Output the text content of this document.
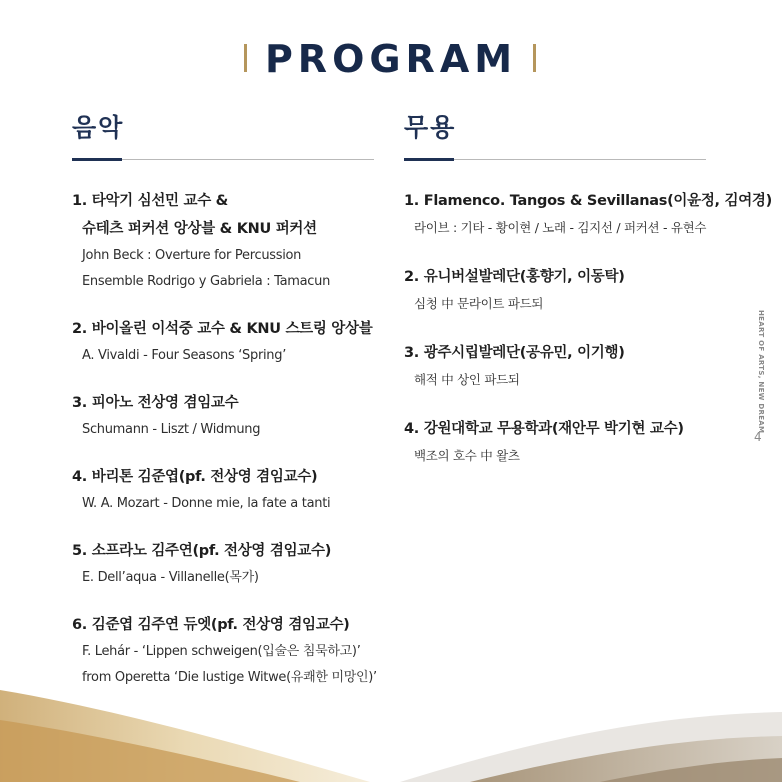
PROGRAM
음악
1. 타악기 심선민 교수 &
슈테츠 퍼커션 앙상블 & KNU 퍼커션
John Beck : Overture for Percussion
Ensemble Rodrigo y Gabriela : Tamacun
2. 바이올린 이석중 교수 & KNU 스트링 앙상블
A. Vivaldi - Four Seasons ‘Spring’
3. 피아노 전상영 겸임교수
Schumann - Liszt / Widmung
4. 바리톤 김준엽(pf. 전상영 겸임교수)
W. A. Mozart - Donne mie, la fate a tanti
5. 소프라노 김주연(pf. 전상영 겸임교수)
E. Dell’aqua - Villanelle(목가)
6. 김준엽 김주연 듀엣(pf. 전상영 겸임교수)
F. Lehár - ‘Lippen schweigen(입술은 침묵하고)’
from Operetta ‘Die lustige Witwe(유쾌한 미망인)’
무용
1. Flamenco. Tangos & Sevillanas(이윤정, 김여경)
라이브 : 기타 - 황이현 / 노래 - 김지선 / 퍼커션 - 유현수
2. 유니버설발레단(홍향기, 이동탁)
심청 中 문라이트 파드되
3. 광주시립발레단(공유민, 이기행)
해적 中 상인 파드되
4. 강원대학교 무용학과(재안무 박기현 교수)
백조의 호수 中 왈츠
HEART OF ARTS, NEW DREAM
4
